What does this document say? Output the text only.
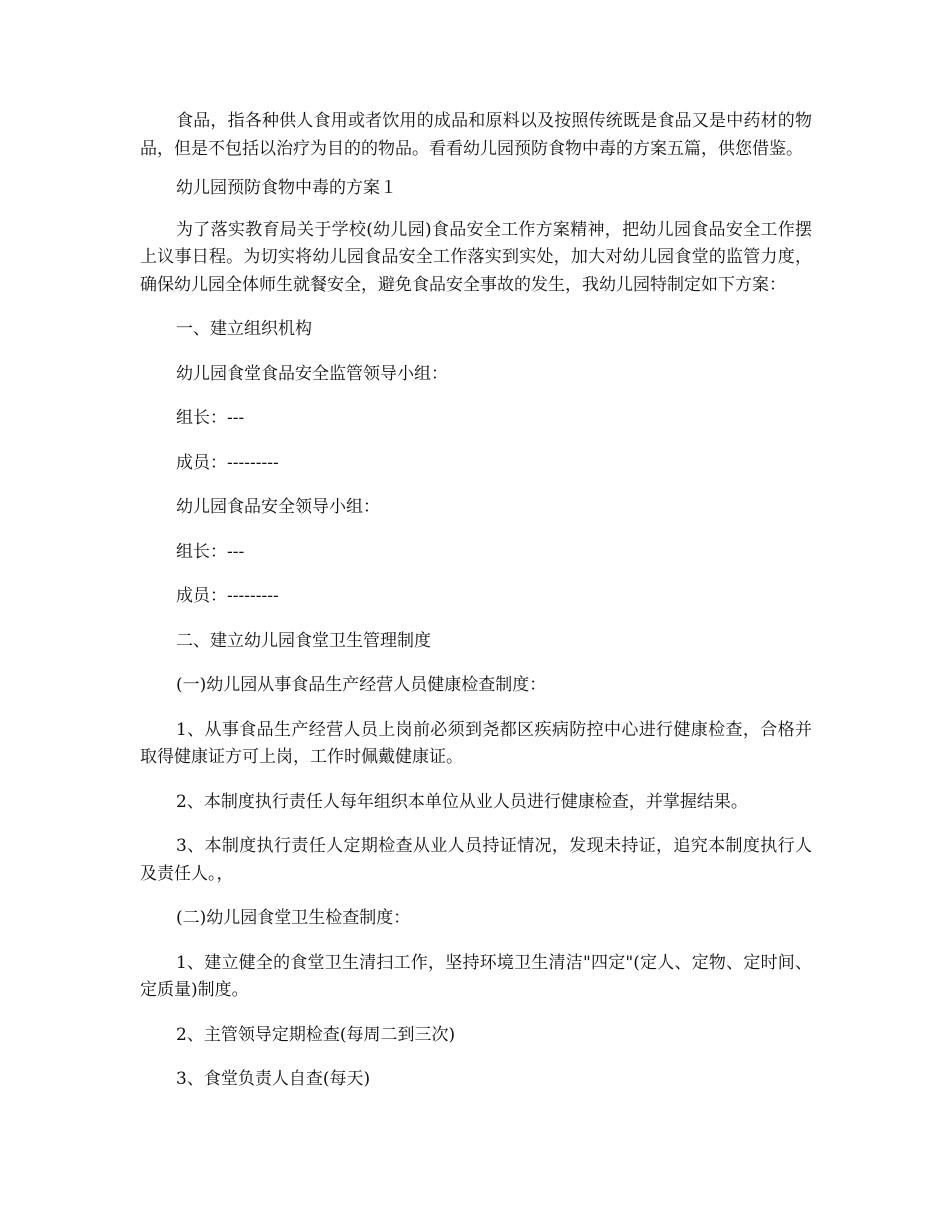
食品，指各种供人食用或者饮用的成品和原料以及按照传统既是食品又是中药材的物品，但是不包括以治疗为目的的物品。看看幼儿园预防食物中毒的方案五篇，供您借鉴。

幼儿园预防食物中毒的方案１

为了落实教育局关于学校(幼儿园)食品安全工作方案精神，把幼儿园食品安全工作摆上议事日程。为切实将幼儿园食品安全工作落实到实处，加大对幼儿园食堂的监管力度，确保幼儿园全体师生就餐安全，避免食品安全事故的发生，我幼儿园特制定如下方案：

一、建立组织机构

幼儿园食堂食品安全监管领导小组：

组长：---

成员：---------

幼儿园食品安全领导小组：

组长：---

成员：---------

二、建立幼儿园食堂卫生管理制度

(一)幼儿园从事食品生产经营人员健康检查制度：

1、从事食品生产经营人员上岗前必须到尧都区疾病防控中心进行健康检查，合格并取得健康证方可上岗，工作时佩戴健康证。

2、本制度执行责任人每年组织本单位从业人员进行健康检查，并掌握结果。

3、本制度执行责任人定期检查从业人员持证情况，发现未持证，追究本制度执行人及责任人。，

(二)幼儿园食堂卫生检查制度：

1、建立健全的食堂卫生清扫工作，坚持环境卫生清洁"四定"(定人、定物、定时间、定质量)制度。

2、主管领导定期检查(每周二到三次)

3、食堂负责人自查(每天)
